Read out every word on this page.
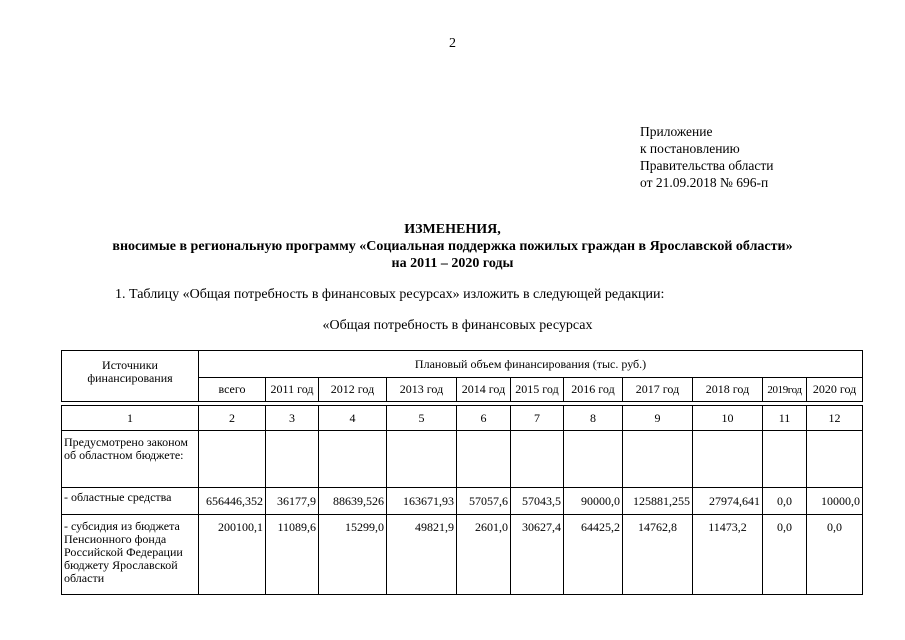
2
Приложение
к постановлению
Правительства области
от 21.09.2018 № 696-п
ИЗМЕНЕНИЯ,
вносимые в региональную программу «Социальная поддержка пожилых граждан в Ярославской области»
на 2011 – 2020 годы
1. Таблицу «Общая потребность в финансовых ресурсах» изложить в следующей редакции:
«Общая потребность в финансовых ресурсах
Источники финансирования	Плановый объем финансирования (тыс. руб.)										
	всего	2011 год	2012 год	2013 год	2014 год	2015 год	2016 год	2017 год	2018 год	2019год	2020 год
1	2	3	4	5	6	7	8	9	10	11	12
Предусмотрено законом об областном бюджете:											
- областные средства	656446,352	36177,9	88639,526	163671,93	57057,6	57043,5	90000,0	125881,255	27974,641	0,0	10000,0
- субсидия из бюджета Пенсионного фонда Российской Федерации бюджету Ярославской области	200100,1	11089,6	15299,0	49821,9	2601,0	30627,4	64425,2	14762,8	11473,2	0,0	0,0
